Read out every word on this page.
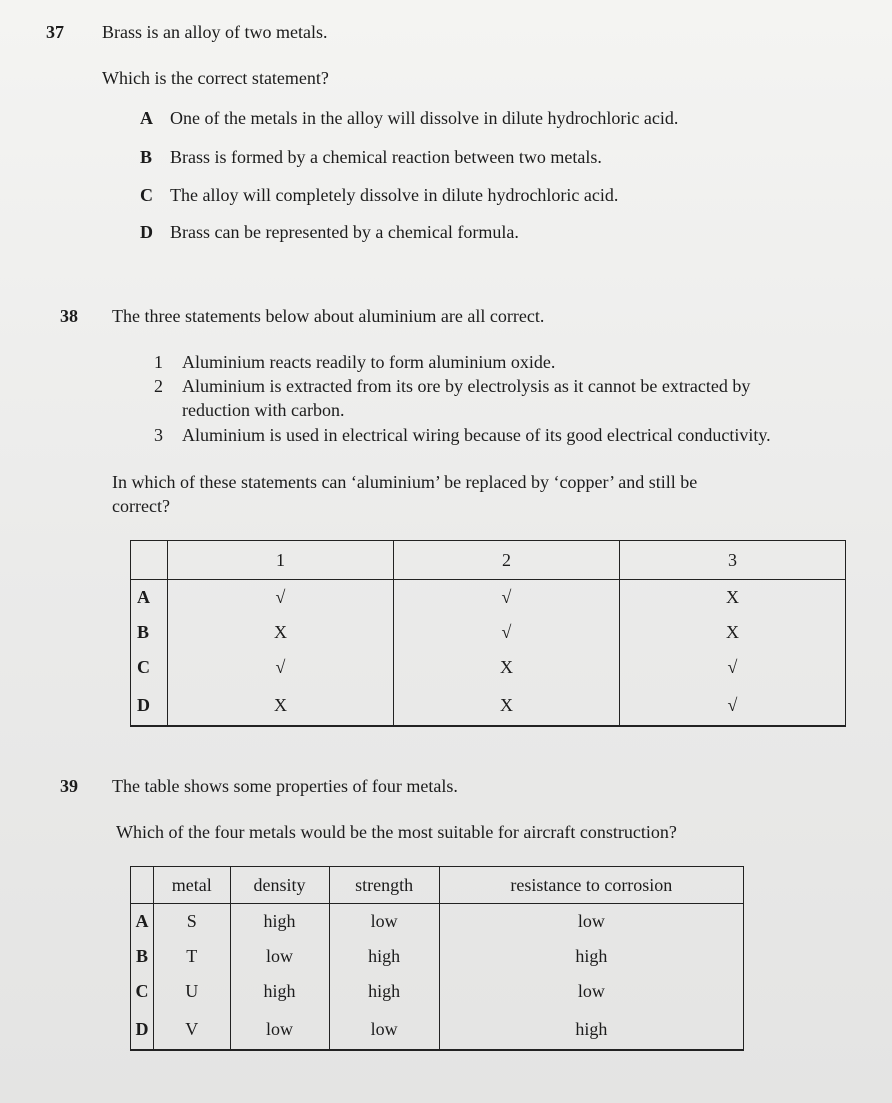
37 Brass is an alloy of two metals.
Which is the correct statement?
A One of the metals in the alloy will dissolve in dilute hydrochloric acid.
B Brass is formed by a chemical reaction between two metals.
C The alloy will completely dissolve in dilute hydrochloric acid.
D Brass can be represented by a chemical formula.
38 The three statements below about aluminium are all correct.
1 Aluminium reacts readily to form aluminium oxide.
2 Aluminium is extracted from its ore by electrolysis as it cannot be extracted by
reduction with carbon.
3 Aluminium is used in electrical wiring because of its good electrical conductivity.
In which of these statements can ‘aluminium’ be replaced by ‘copper’ and still be
correct?
	1	2	3
A	√	√	X
B	X	√	X
C	√	X	√
D	X	X	√
39 The table shows some properties of four metals.
Which of the four metals would be the most suitable for aircraft construction?
	metal	density	strength	resistance to corrosion
A	S	high	low	low
B	T	low	high	high
C	U	high	high	low
D	V	low	low	high
